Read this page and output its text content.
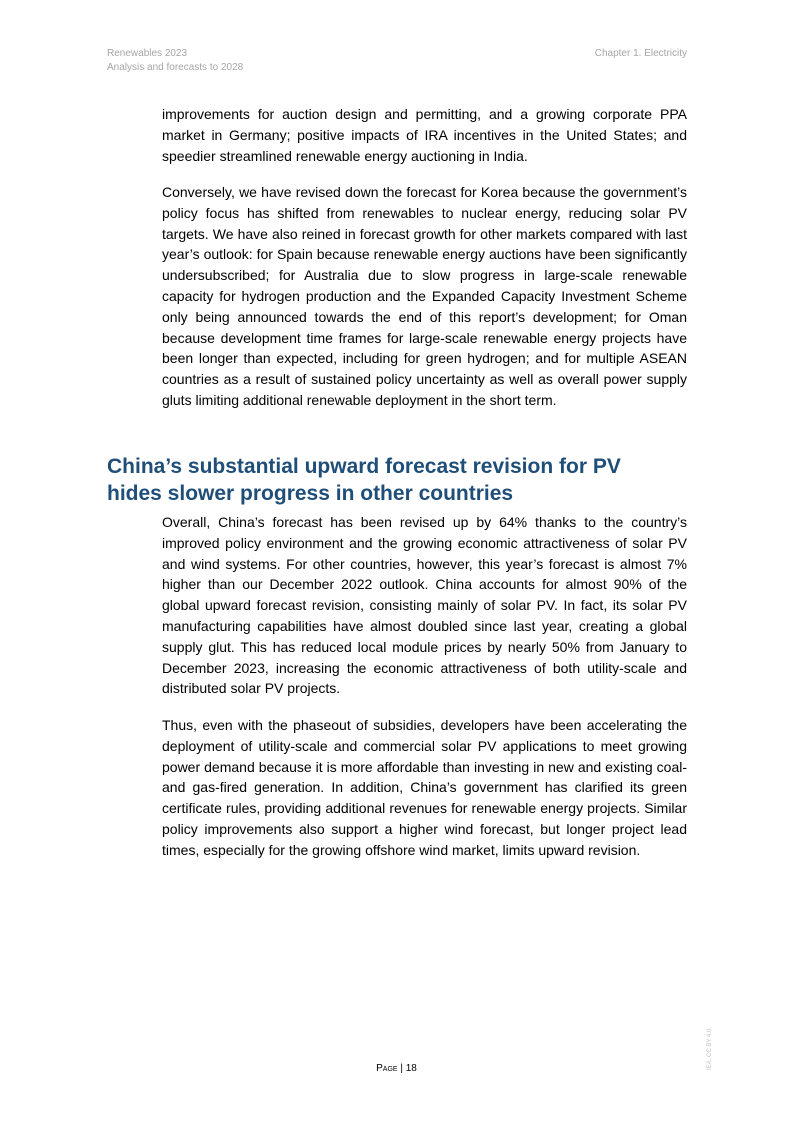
Renewables 2023
Analysis and forecasts to 2028
Chapter 1. Electricity

improvements for auction design and permitting, and a growing corporate PPA market in Germany; positive impacts of IRA incentives in the United States; and speedier streamlined renewable energy auctioning in India.

Conversely, we have revised down the forecast for Korea because the government’s policy focus has shifted from renewables to nuclear energy, reducing solar PV targets. We have also reined in forecast growth for other markets compared with last year’s outlook: for Spain because renewable energy auctions have been significantly undersubscribed; for Australia due to slow progress in large-scale renewable capacity for hydrogen production and the Expanded Capacity Investment Scheme only being announced towards the end of this report’s development; for Oman because development time frames for large-scale renewable energy projects have been longer than expected, including for green hydrogen; and for multiple ASEAN countries as a result of sustained policy uncertainty as well as overall power supply gluts limiting additional renewable deployment in the short term.

China’s substantial upward forecast revision for PV
hides slower progress in other countries

Overall, China’s forecast has been revised up by 64% thanks to the country’s improved policy environment and the growing economic attractiveness of solar PV and wind systems. For other countries, however, this year’s forecast is almost 7% higher than our December 2022 outlook. China accounts for almost 90% of the global upward forecast revision, consisting mainly of solar PV. In fact, its solar PV manufacturing capabilities have almost doubled since last year, creating a global supply glut. This has reduced local module prices by nearly 50% from January to December 2023, increasing the economic attractiveness of both utility-scale and distributed solar PV projects.

Thus, even with the phaseout of subsidies, developers have been accelerating the deployment of utility-scale and commercial solar PV applications to meet growing power demand because it is more affordable than investing in new and existing coal- and gas-fired generation. In addition, China’s government has clarified its green certificate rules, providing additional revenues for renewable energy projects. Similar policy improvements also support a higher wind forecast, but longer project lead times, especially for the growing offshore wind market, limits upward revision.

Page | 18	IEA. CC BY 4.0.
